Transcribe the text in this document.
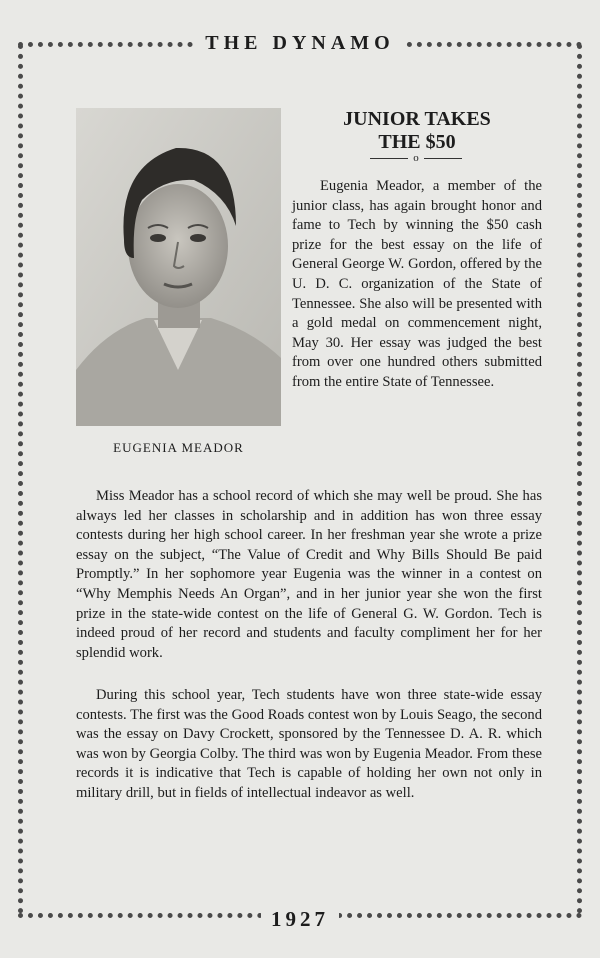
THE DYNAMO
EUGENIA MEADOR
JUNIOR TAKES
THE $50
o
Eugenia Meador, a member of the junior class, has again brought honor and fame to Tech by winning the $50 cash prize for the best essay on the life of General George W. Gordon, offered by the U. D. C. organization of the State of Tennessee. She also will be presented with a gold medal on commencement night, May 30. Her essay was judged the best from over one hundred others submitted from the entire State of Tennessee.
Miss Meador has a school record of which she may well be proud. She has always led her classes in scholarship and in addition has won three essay contests during her high school career. In her freshman year she wrote a prize essay on the subject, “The Value of Credit and Why Bills Should Be paid Promptly.” In her sophomore year Eugenia was the winner in a contest on “Why Memphis Needs An Organ”, and in her junior year she won the first prize in the state-wide contest on the life of General G. W. Gordon. Tech is indeed proud of her record and students and faculty compliment her for her splendid work.
During this school year, Tech students have won three state-wide essay contests. The first was the Good Roads contest won by Louis Seago, the second was the essay on Davy Crockett, sponsored by the Tennessee D. A. R. which was won by Georgia Colby. The third was won by Eugenia Meador. From these records it is indicative that Tech is capable of holding her own not only in military drill, but in fields of intellectual indeavor as well.
1927
